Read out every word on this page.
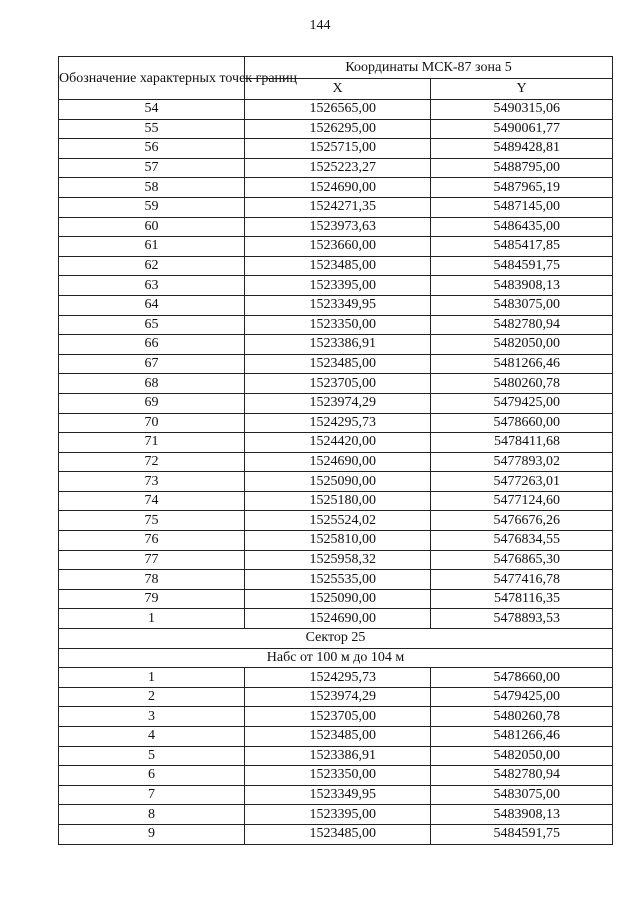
144
Обозначение характерных точек границ	Координаты МСК-87 зона 5	
	X	Y
54	1526565,00	5490315,06
55	1526295,00	5490061,77
56	1525715,00	5489428,81
57	1525223,27	5488795,00
58	1524690,00	5487965,19
59	1524271,35	5487145,00
60	1523973,63	5486435,00
61	1523660,00	5485417,85
62	1523485,00	5484591,75
63	1523395,00	5483908,13
64	1523349,95	5483075,00
65	1523350,00	5482780,94
66	1523386,91	5482050,00
67	1523485,00	5481266,46
68	1523705,00	5480260,78
69	1523974,29	5479425,00
70	1524295,73	5478660,00
71	1524420,00	5478411,68
72	1524690,00	5477893,02
73	1525090,00	5477263,01
74	1525180,00	5477124,60
75	1525524,02	5476676,26
76	1525810,00	5476834,55
77	1525958,32	5476865,30
78	1525535,00	5477416,78
79	1525090,00	5478116,35
1	1524690,00	5478893,53
Сектор 25		
Набс от 100 м до 104 м		
1	1524295,73	5478660,00
2	1523974,29	5479425,00
3	1523705,00	5480260,78
4	1523485,00	5481266,46
5	1523386,91	5482050,00
6	1523350,00	5482780,94
7	1523349,95	5483075,00
8	1523395,00	5483908,13
9	1523485,00	5484591,75
